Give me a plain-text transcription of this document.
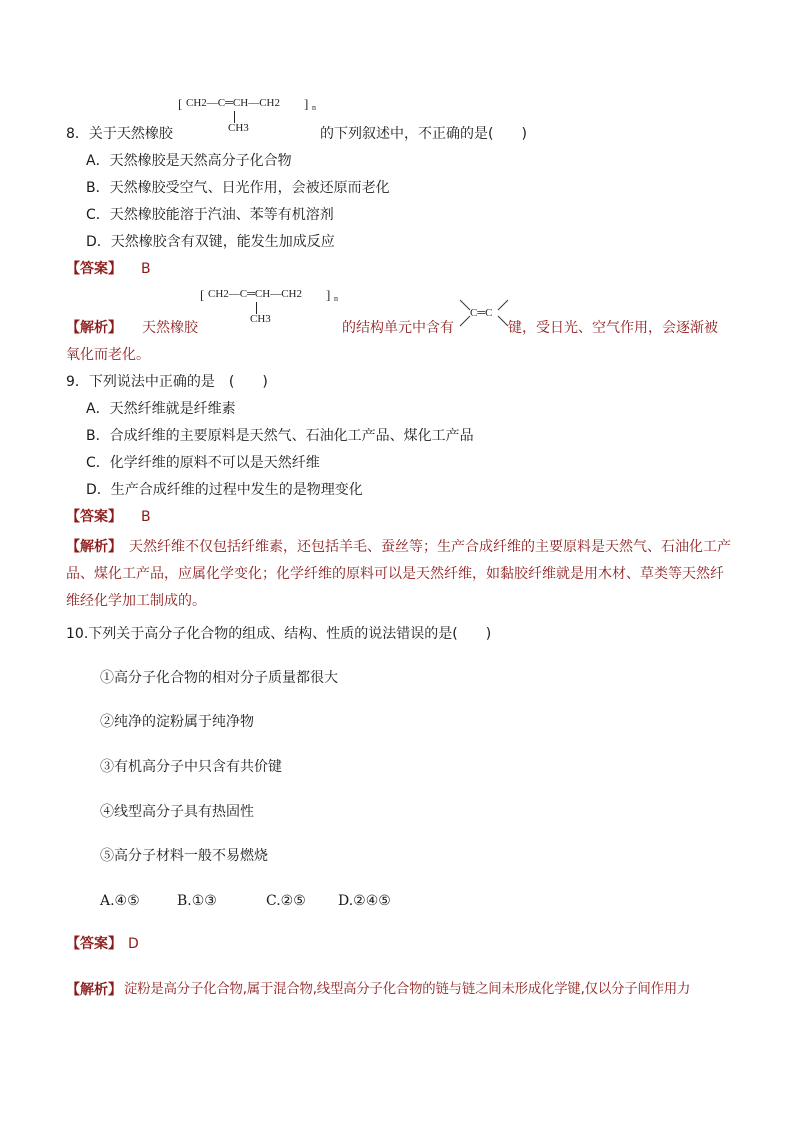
[ CH2—C═CH—CH2 ] n
CH3
8．关于天然橡胶	的下列叙述中，不正确的是(　　)
A．天然橡胶是天然高分子化合物
B．天然橡胶受空气、日光作用，会被还原而老化
C．天然橡胶能溶于汽油、苯等有机溶剂
D．天然橡胶含有双键，能发生加成反应
【答案】 B
[ CH2—C═CH—CH2 ] n
CH3	C═C
【解析】 天然橡胶	的结构单元中含有	键，受日光、空气作用，会逐渐被
氧化而老化。
9．下列说法中正确的是　(　　)
A．天然纤维就是纤维素
B．合成纤维的主要原料是天然气、石油化工产品、煤化工产品
C．化学纤维的原料不可以是天然纤维
D．生产合成纤维的过程中发生的是物理变化
【答案】 B
【解析】　 天然纤维不仅包括纤维素，还包括羊毛、蚕丝等；生产合成纤维的主要原料是天然气、石油化工产品、煤化工产品，应属化学变化；化学纤维的原料可以是天然纤维，如黏胶纤维就是用木材、草类等天然纤维经化学加工制成的。
10.下列关于高分子化合物的组成、结构、性质的说法错误的是(　　)
①高分子化合物的相对分子质量都很大
②纯净的淀粉属于纯净物
③有机高分子中只含有共价键
④线型高分子具有热固性
⑤高分子材料一般不易燃烧
A.④⑤	B.①③	C.②⑤ D.②④⑤
【答案】 D
【解析】 淀粉是高分子化合物,属于混合物,线型高分子化合物的链与链之间未形成化学键,仅以分子间作用力
